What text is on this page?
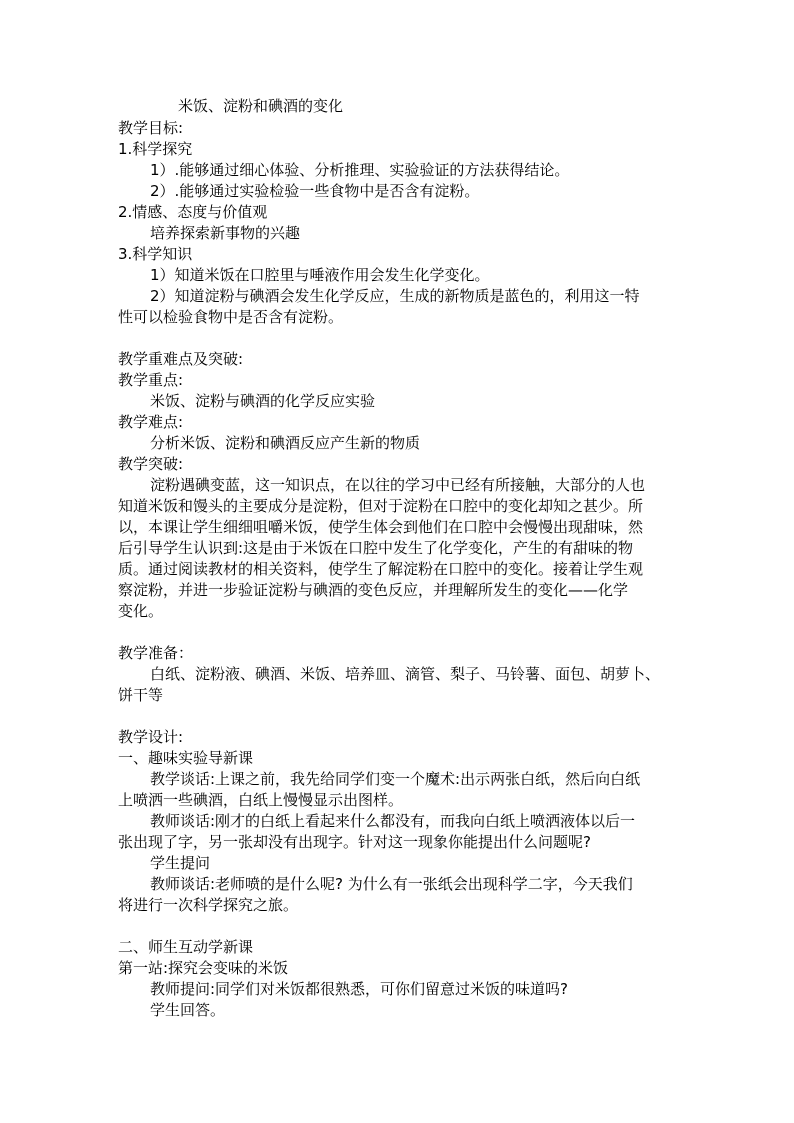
米饭、淀粉和碘酒的变化
教学目标:
1.科学探究
1）.能够通过细心体验、分析推理、实验验证的方法获得结论。
2）.能够通过实验检验一些食物中是否含有淀粉。
2.情感、态度与价值观
培养探索新事物的兴趣
3.科学知识
1）知道米饭在口腔里与唾液作用会发生化学变化。
2）知道淀粉与碘酒会发生化学反应，生成的新物质是蓝色的，利用这一特
性可以检验食物中是否含有淀粉。
教学重难点及突破:
教学重点:
米饭、淀粉与碘酒的化学反应实验
教学难点:
分析米饭、淀粉和碘酒反应产生新的物质
教学突破:
淀粉遇碘变蓝，这一知识点，在以往的学习中已经有所接触，大部分的人也
知道米饭和馒头的主要成分是淀粉，但对于淀粉在口腔中的变化却知之甚少。所
以，本课让学生细细咀嚼米饭，使学生体会到他们在口腔中会慢慢出现甜味，然
后引导学生认识到:这是由于米饭在口腔中发生了化学变化，产生的有甜味的物
质。通过阅读教材的相关资料，使学生了解淀粉在口腔中的变化。接着让学生观
察淀粉，并进一步验证淀粉与碘酒的变色反应，并理解所发生的变化——化学
变化。
教学准备：
白纸、淀粉液、碘酒、米饭、培养皿、滴管、梨子、马铃薯、面包、胡萝卜、
饼干等
教学设计:
一、趣味实验导新课
教学谈话:上课之前，我先给同学们变一个魔术:出示两张白纸，然后向白纸
上喷洒一些碘酒，白纸上慢慢显示出图样。
教师谈话:刚才的白纸上看起来什么都没有，而我向白纸上喷洒液体以后一
张出现了字，另一张却没有出现字。针对这一现象你能提出什么问题呢?
学生提问
教师谈话:老师喷的是什么呢? 为什么有一张纸会出现科学二字，今天我们
将进行一次科学探究之旅。
二、师生互动学新课
第一站:探究会变味的米饭
教师提问:同学们对米饭都很熟悉，可你们留意过米饭的味道吗?
学生回答。
